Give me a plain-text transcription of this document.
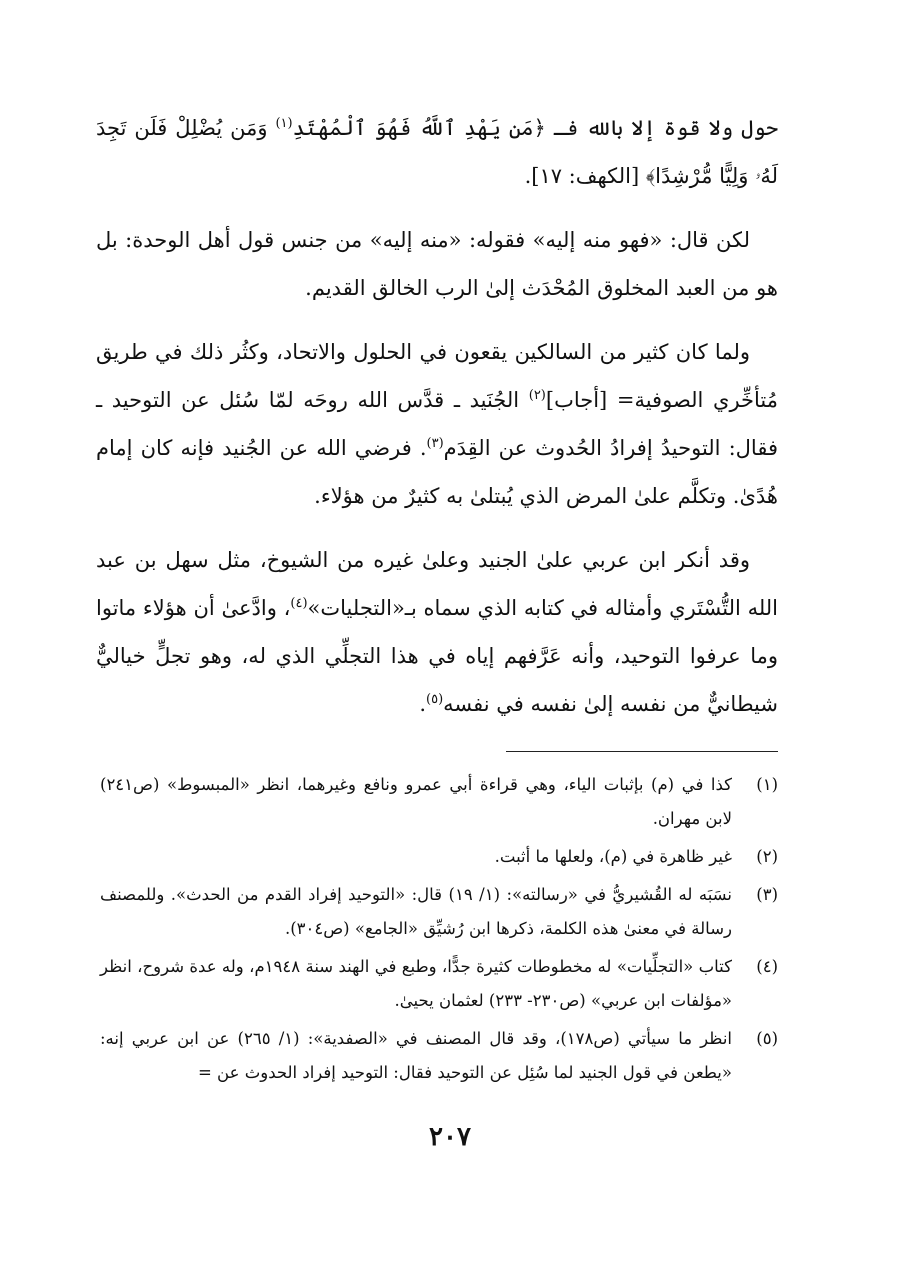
حول ولا قوة إلا بالله فـ ﴿مَن يَهْدِ ٱللَّهُ فَهُوَ ٱلْمُهْتَدِ$^{(١)}$ وَمَن يُضْلِلْ فَلَن تَجِدَ لَهُۥ وَلِيًّا مُّرْشِدًا﴾ [الكهف: ١٧].

لكن قال: «فهو منه إليه» فقوله: «منه إليه» من جنس قول أهل الوحدة: بل هو من العبد المخلوق المُحْدَث إلىٰ الرب الخالق القديم.

ولما كان كثير من السالكين يقعون في الحلول والاتحاد، وكثُر ذلك في طريق مُتأخِّري الصوفية= [أجاب]$^{(٢)}$ الجُنَيد ـ قدَّس الله روحَه لمّا سُئل عن التوحيد ـ فقال: التوحيدُ إفرادُ الحُدوث عن القِدَم$^{(٣)}$. فرضي الله عن الجُنيد فإنه كان إمام هُدًىٰ. وتكلَّم علىٰ المرض الذي يُبتلىٰ به كثيرٌ من هؤلاء.

وقد أنكر ابن عربي علىٰ الجنيد وعلىٰ غيره من الشيوخ، مثل سهل بن عبد الله التُّسْتَري وأمثاله في كتابه الذي سماه بـ«التجليات»$^{(٤)}$، وادَّعىٰ أن هؤلاء ماتوا وما عرفوا التوحيد، وأنه عَرَّفهم إياه في هذا التجلِّي الذي له، وهو تجلٍّ خياليٌّ شيطانيٌّ من نفسه إلىٰ نفسه في نفسه$^{(٥)}$.

(١)
كذا في (م) بإثبات الياء، وهي قراءة أبي عمرو ونافع وغيرهما، انظر «المبسوط» (ص٢٤١) لابن مهران.

(٢)
غير ظاهرة في (م)، ولعلها ما أثبت.

(٣)
نسَبَه له القُشيريُّ في «رسالته»: (١/ ١٩) قال: «التوحيد إفراد القدم من الحدث». وللمصنف رسالة في معنىٰ هذه الكلمة، ذكرها ابن رُشيِّق «الجامع» (ص٣٠٤).

(٤)
كتاب «التجلِّيات» له مخطوطات كثيرة جدًّا، وطبع في الهند سنة ١٩٤٨م، وله عدة شروح، انظر «مؤلفات ابن عربي» (ص٢٣٠- ٢٣٣) لعثمان يحيىٰ.

(٥)
انظر ما سيأتي (ص١٧٨)، وقد قال المصنف في «الصفدية»: (١/ ٢٦٥) عن ابن عربي إنه: «يطعن في قول الجنيد لما سُئِل عن التوحيد فقال: التوحيد إفراد الحدوث عن =

٢٠٧
